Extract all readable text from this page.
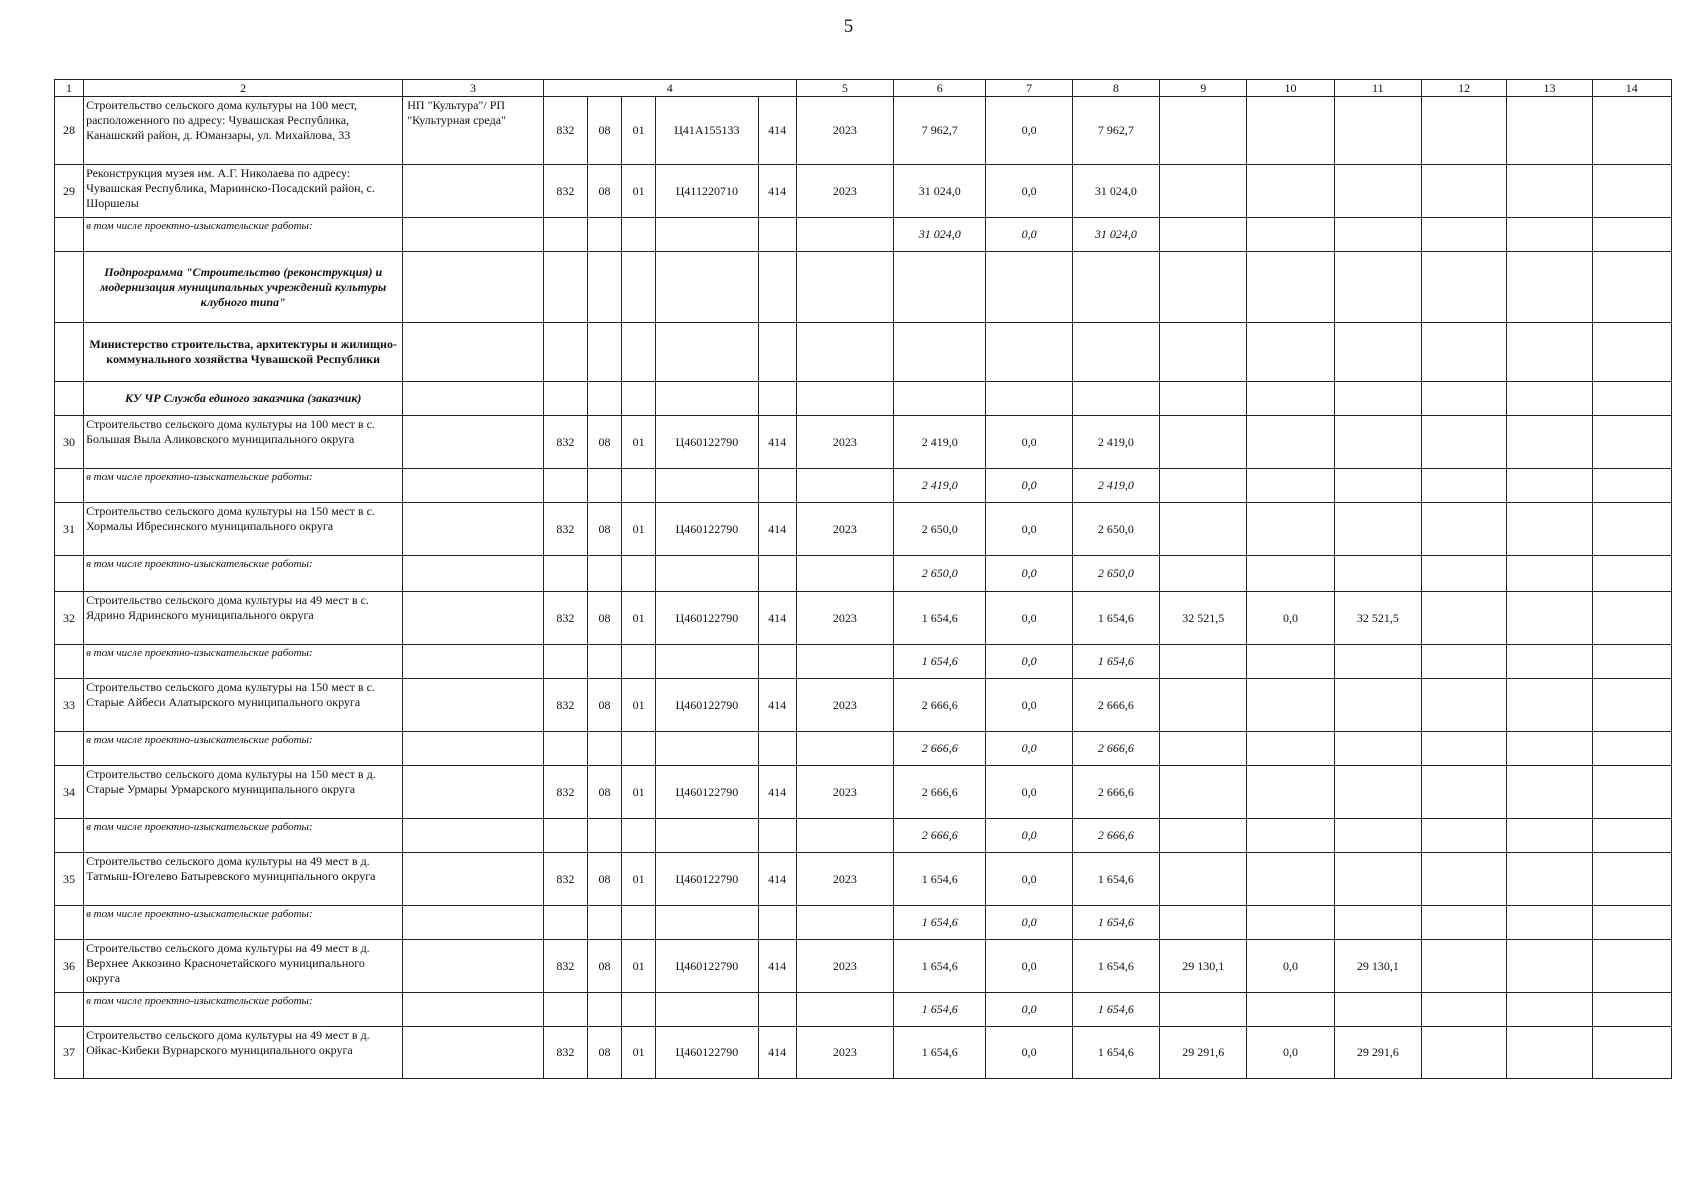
5
1	2	3	4					5	6	7	8	9	10	11	12	13	14
28	Строительство сельского дома культуры на 100 мест, расположенного по адресу: Чувашская Республика, Канашский район, д. Юманзары, ул. Михайлова, 33	НП "Культура"/ РП "Культурная среда"	832	08	01	Ц41А155133	414	2023	7 962,7	0,0	7 962,7						
29	Реконструкция музея им. А.Г. Николаева по адресу: Чувашская Республика, Мариинско-Посадский район, с. Шоршелы		832	08	01	Ц411220710	414	2023	31 024,0	0,0	31 024,0						
	в том числе проектно-изыскательские работы:								31 024,0	0,0	31 024,0						
	Подпрограмма "Строительство (реконструкция) и модернизация муниципальных учреждений культуры клубного типа"																
	Министерство строительства, архитектуры и жилищно-коммунального хозяйства Чувашской Республики																
	КУ ЧР Служба единого заказчика (заказчик)																
30	Строительство сельского дома культуры на 100 мест в с. Большая Выла Аликовского муниципального округа		832	08	01	Ц460122790	414	2023	2 419,0	0,0	2 419,0						
	в том числе проектно-изыскательские работы:								2 419,0	0,0	2 419,0						
31	Строительство сельского дома культуры на 150 мест в с. Хормалы Ибресинского муниципального округа		832	08	01	Ц460122790	414	2023	2 650,0	0,0	2 650,0						
	в том числе проектно-изыскательские работы:								2 650,0	0,0	2 650,0						
32	Строительство сельского дома культуры на 49 мест в с. Ядрино Ядринского муниципального округа		832	08	01	Ц460122790	414	2023	1 654,6	0,0	1 654,6	32 521,5	0,0	32 521,5			
	в том числе проектно-изыскательские работы:								1 654,6	0,0	1 654,6						
33	Строительство сельского дома культуры на 150 мест в с. Старые Айбеси Алатырского муниципального округа		832	08	01	Ц460122790	414	2023	2 666,6	0,0	2 666,6						
	в том числе проектно-изыскательские работы:								2 666,6	0,0	2 666,6						
34	Строительство сельского дома культуры на 150 мест в д. Старые Урмары Урмарского муниципального округа		832	08	01	Ц460122790	414	2023	2 666,6	0,0	2 666,6						
	в том числе проектно-изыскательские работы:								2 666,6	0,0	2 666,6						
35	Строительство сельского дома культуры на 49 мест в д. Татмыш-Югелево Батыревского муниципального округа		832	08	01	Ц460122790	414	2023	1 654,6	0,0	1 654,6						
	в том числе проектно-изыскательские работы:								1 654,6	0,0	1 654,6						
36	Строительство сельского дома культуры на 49 мест в д. Верхнее Аккозино Красночетайского муниципального округа		832	08	01	Ц460122790	414	2023	1 654,6	0,0	1 654,6	29 130,1	0,0	29 130,1			
	в том числе проектно-изыскательские работы:								1 654,6	0,0	1 654,6						
37	Строительство сельского дома культуры на 49 мест в д. Ойкас-Кибеки Вурнарского муниципального округа		832	08	01	Ц460122790	414	2023	1 654,6	0,0	1 654,6	29 291,6	0,0	29 291,6			
